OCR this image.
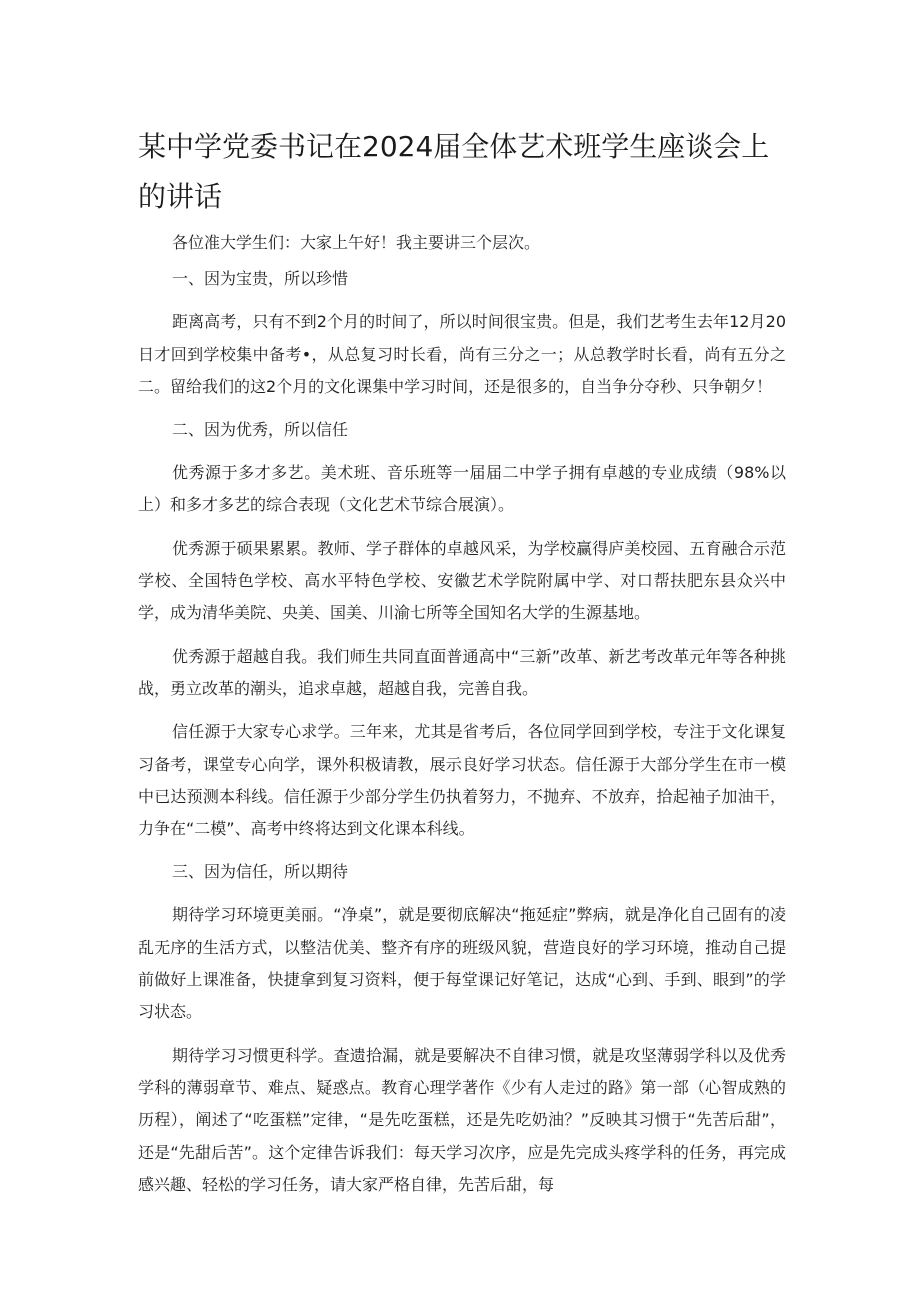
某中学党委书记在2024届全体艺术班学生座谈会上的讲话

各位准大学生们：大家上午好！我主要讲三个层次。

一、因为宝贵，所以珍惜

距离高考，只有不到2个月的时间了，所以时间很宝贵。但是，我们艺考生去年12月20日才回到学校集中备考•，从总复习时长看，尚有三分之一；从总教学时长看，尚有五分之二。留给我们的这2个月的文化课集中学习时间，还是很多的，自当争分夺秒、只争朝夕！

二、因为优秀，所以信任

优秀源于多才多艺。美术班、音乐班等一届届二中学子拥有卓越的专业成绩（98%以上）和多才多艺的综合表现（文化艺术节综合展演）。

优秀源于硕果累累。教师、学子群体的卓越风采，为学校赢得庐美校园、五育融合示范学校、全国特色学校、高水平特色学校、安徽艺术学院附属中学、对口帮扶肥东县众兴中学，成为清华美院、央美、国美、川渝七所等全国知名大学的生源基地。

优秀源于超越自我。我们师生共同直面普通高中“三新”改革、新艺考改革元年等各种挑战，勇立改革的潮头，追求卓越，超越自我，完善自我。

信任源于大家专心求学。三年来，尤其是省考后，各位同学回到学校，专注于文化课复习备考，课堂专心向学，课外积极请教，展示良好学习状态。信任源于大部分学生在市一模中已达预测本科线。信任源于少部分学生仍执着努力，不抛弃、不放弃，拾起袖子加油干，力争在“二模”、高考中终将达到文化课本科线。

三、因为信任，所以期待

期待学习环境更美丽。“净桌”，就是要彻底解决“拖延症”弊病，就是净化自己固有的凌乱无序的生活方式，以整洁优美、整齐有序的班级风貌，营造良好的学习环境，推动自己提前做好上课准备，快捷拿到复习资料，便于每堂课记好笔记，达成“心到、手到、眼到”的学习状态。

期待学习习惯更科学。查遗拾漏，就是要解决不自律习惯，就是攻坚薄弱学科以及优秀学科的薄弱章节、难点、疑惑点。教育心理学著作《少有人走过的路》第一部（心智成熟的历程），阐述了“吃蛋糕”定律，“是先吃蛋糕，还是先吃奶油？”反映其习惯于“先苦后甜”，还是“先甜后苦”。这个定律告诉我们：每天学习次序，应是先完成头疼学科的任务，再完成感兴趣、轻松的学习任务，请大家严格自律，先苦后甜，每
